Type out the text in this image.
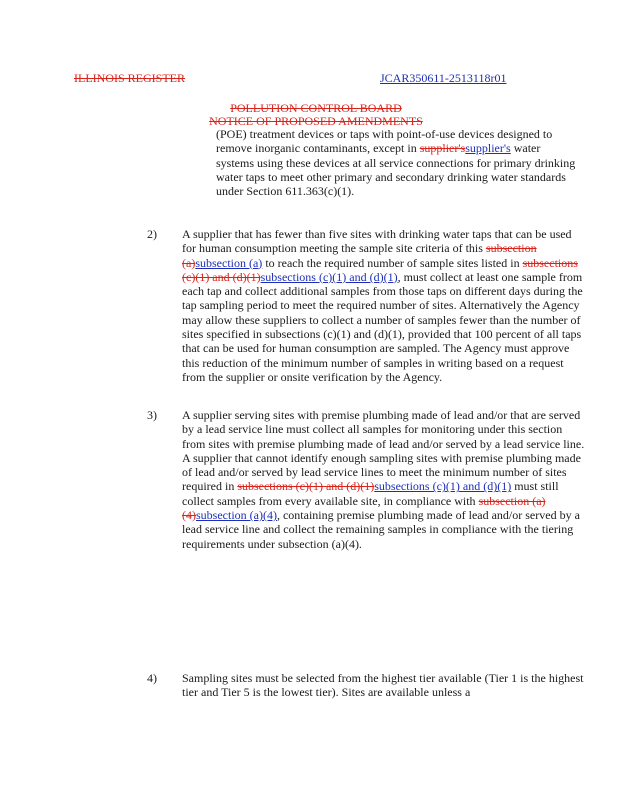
ILLINOIS REGISTER	JCAR350611-2513118r01
POLLUTION CONTROL BOARD
NOTICE OF PROPOSED AMENDMENTS
(POE) treatment devices or taps with point-of-use devices designed to remove inorganic contaminants, except in supplier'ssupplier's water systems using these devices at all service connections for primary drinking water taps to meet other primary and secondary drinking water standards under Section 611.363(c)(1).
2) A supplier that has fewer than five sites with drinking water taps that can be used for human consumption meeting the sample site criteria of this subsection (a)subsection (a) to reach the required number of sample sites listed in subsections (c)(1) and (d)(1)subsections (c)(1) and (d)(1), must collect at least one sample from each tap and collect additional samples from those taps on different days during the tap sampling period to meet the required number of sites. Alternatively the Agency may allow these suppliers to collect a number of samples fewer than the number of sites specified in subsections (c)(1) and (d)(1), provided that 100 percent of all taps that can be used for human consumption are sampled. The Agency must approve this reduction of the minimum number of samples in writing based on a request from the supplier or onsite verification by the Agency.
3) A supplier serving sites with premise plumbing made of lead and/or that are served by a lead service line must collect all samples for monitoring under this section from sites with premise plumbing made of lead and/or served by a lead service line. A supplier that cannot identify enough sampling sites with premise plumbing made of lead and/or served by lead service lines to meet the minimum number of sites required in subsections (c)(1) and (d)(1)subsections (c)(1) and (d)(1) must still collect samples from every available site, in compliance with subsection (a)(4)subsection (a)(4), containing premise plumbing made of lead and/or served by a lead service line and collect the remaining samples in compliance with the tiering requirements under subsection (a)(4).
4) Sampling sites must be selected from the highest tier available (Tier 1 is the highest tier and Tier 5 is the lowest tier). Sites are available unless a
